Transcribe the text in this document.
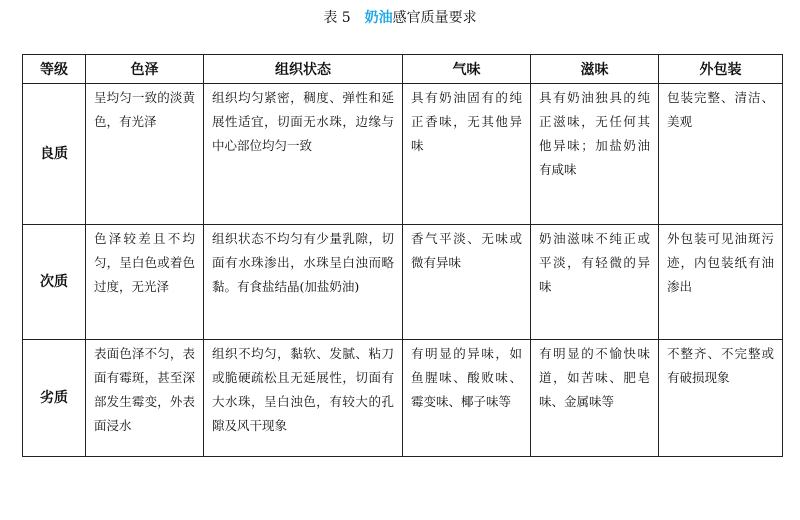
表 5 奶油感官质量要求
等级	色泽	组织状态	气味	滋味	外包装
良质	呈均匀一致的淡黄色，有光泽	组织均匀紧密，稠度、弹性和延展性适宜，切面无水珠，边缘与中心部位均匀一致	具有奶油固有的纯正香味，无其他异味	具有奶油独具的纯正滋味，无任何其他异味；加盐奶油有咸味	包装完整、清洁、美观
次质	色泽较差且不均匀，呈白色或着色过度，无光泽	组织状态不均匀有少量乳隙，切面有水珠渗出，水珠呈白浊而略黏。有食盐结晶(加盐奶油)	香气平淡、无味或微有异味	奶油滋味不纯正或平淡，有轻微的异味	外包装可见油斑污迹，内包装纸有油渗出
劣质	表面色泽不匀，表面有霉斑，甚至深部发生霉变，外表面浸水	组织不均匀，黏软、发腻、粘刀或脆硬疏松且无延展性，切面有大水珠，呈白浊色，有较大的孔隙及风干现象	有明显的异味，如鱼腥味、酸败味、霉变味、椰子味等	有明显的不愉快味道，如苦味、肥皂味、金属味等	不整齐、不完整或有破损现象
